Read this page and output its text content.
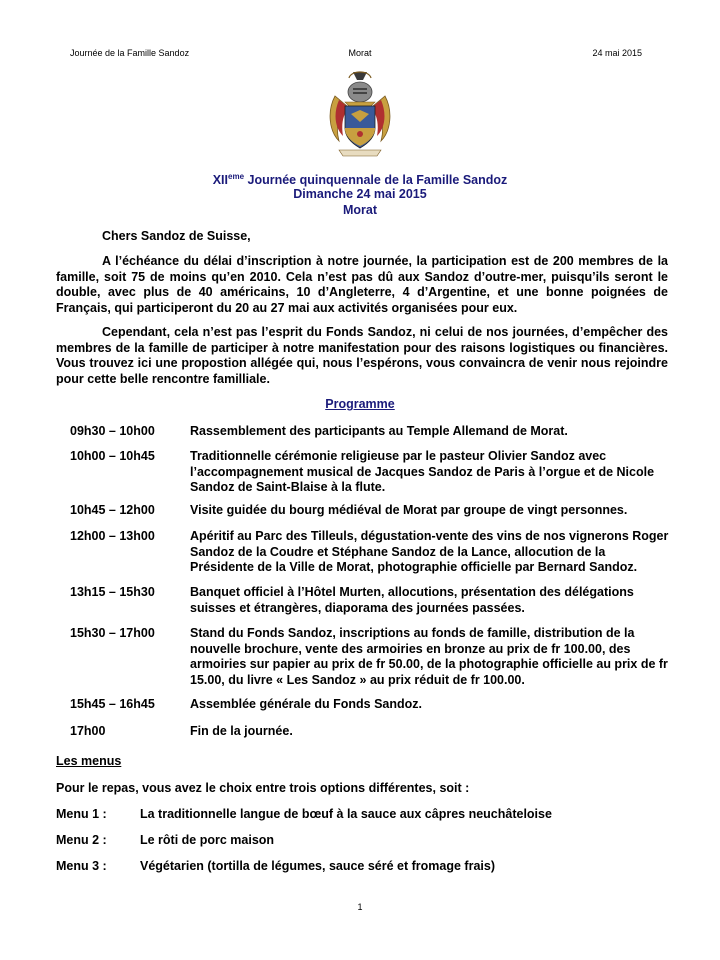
Journée de la Famille Sandoz	Morat	24 mai 2015
XIIeme Journée quinquennale de la Famille Sandoz
Dimanche 24 mai 2015
Morat
Chers Sandoz de Suisse,

A l’échéance du délai d’inscription à notre journée, la participation est de 200 membres de la famille, soit 75 de moins qu’en 2010. Cela n’est pas dû aux Sandoz d’outre-mer, puisqu’ils seront le double, avec plus de 40 américains, 10 d’Angleterre, 4 d’Argentine, et une bonne poignées de Français, qui participeront du 20 au 27 mai aux activités organisées pour eux.

Cependant, cela n’est pas l’esprit du Fonds Sandoz, ni celui de nos journées, d’empêcher des membres de la famille de participer à notre manifestation pour des raisons logistiques ou financières. Vous trouvez ici une propostion allégée qui, nous l’espérons, vous convaincra de venir nous rejoindre pour cette belle rencontre familliale.

Programme
09h30 – 10h00	Rassemblement des participants au Temple Allemand de Morat.

10h00 – 10h45	Traditionnelle cérémonie religieuse par le pasteur Olivier Sandoz avec l’accompagnement musical de Jacques Sandoz de Paris à l’orgue et de Nicole Sandoz de Saint-Blaise à la flute.

10h45 – 12h00	Visite guidée du bourg médiéval de Morat par groupe de vingt personnes.

12h00 – 13h00	Apéritif au Parc des Tilleuls, dégustation-vente des vins de nos vignerons Roger Sandoz de la Coudre et Stéphane Sandoz de la Lance, allocution de la Présidente de la Ville de Morat, photographie officielle par Bernard Sandoz.

13h15 – 15h30	Banquet officiel à l’Hôtel Murten, allocutions, présentation des délégations suisses et étrangères, diaporama des journées passées.

15h30 – 17h00	Stand du Fonds Sandoz, inscriptions au fonds de famille, distribution de la nouvelle brochure, vente des armoiries en bronze au prix de fr 100.00, des armoiries sur papier au prix de fr 50.00, de la photographie officielle au prix de fr 15.00, du livre « Les Sandoz » au prix réduit de fr 100.00.

15h45 – 16h45	Assemblée générale du Fonds Sandoz.

17h00	Fin de la journée.

Les menus
Pour le repas, vous avez le choix entre trois options différentes, soit :
Menu 1 :	La traditionnelle langue de bœuf à la sauce aux câpres neuchâteloise
Menu 2 :	Le rôti de porc maison
Menu 3 :	Végétarien (tortilla de légumes, sauce séré et fromage frais)
1
